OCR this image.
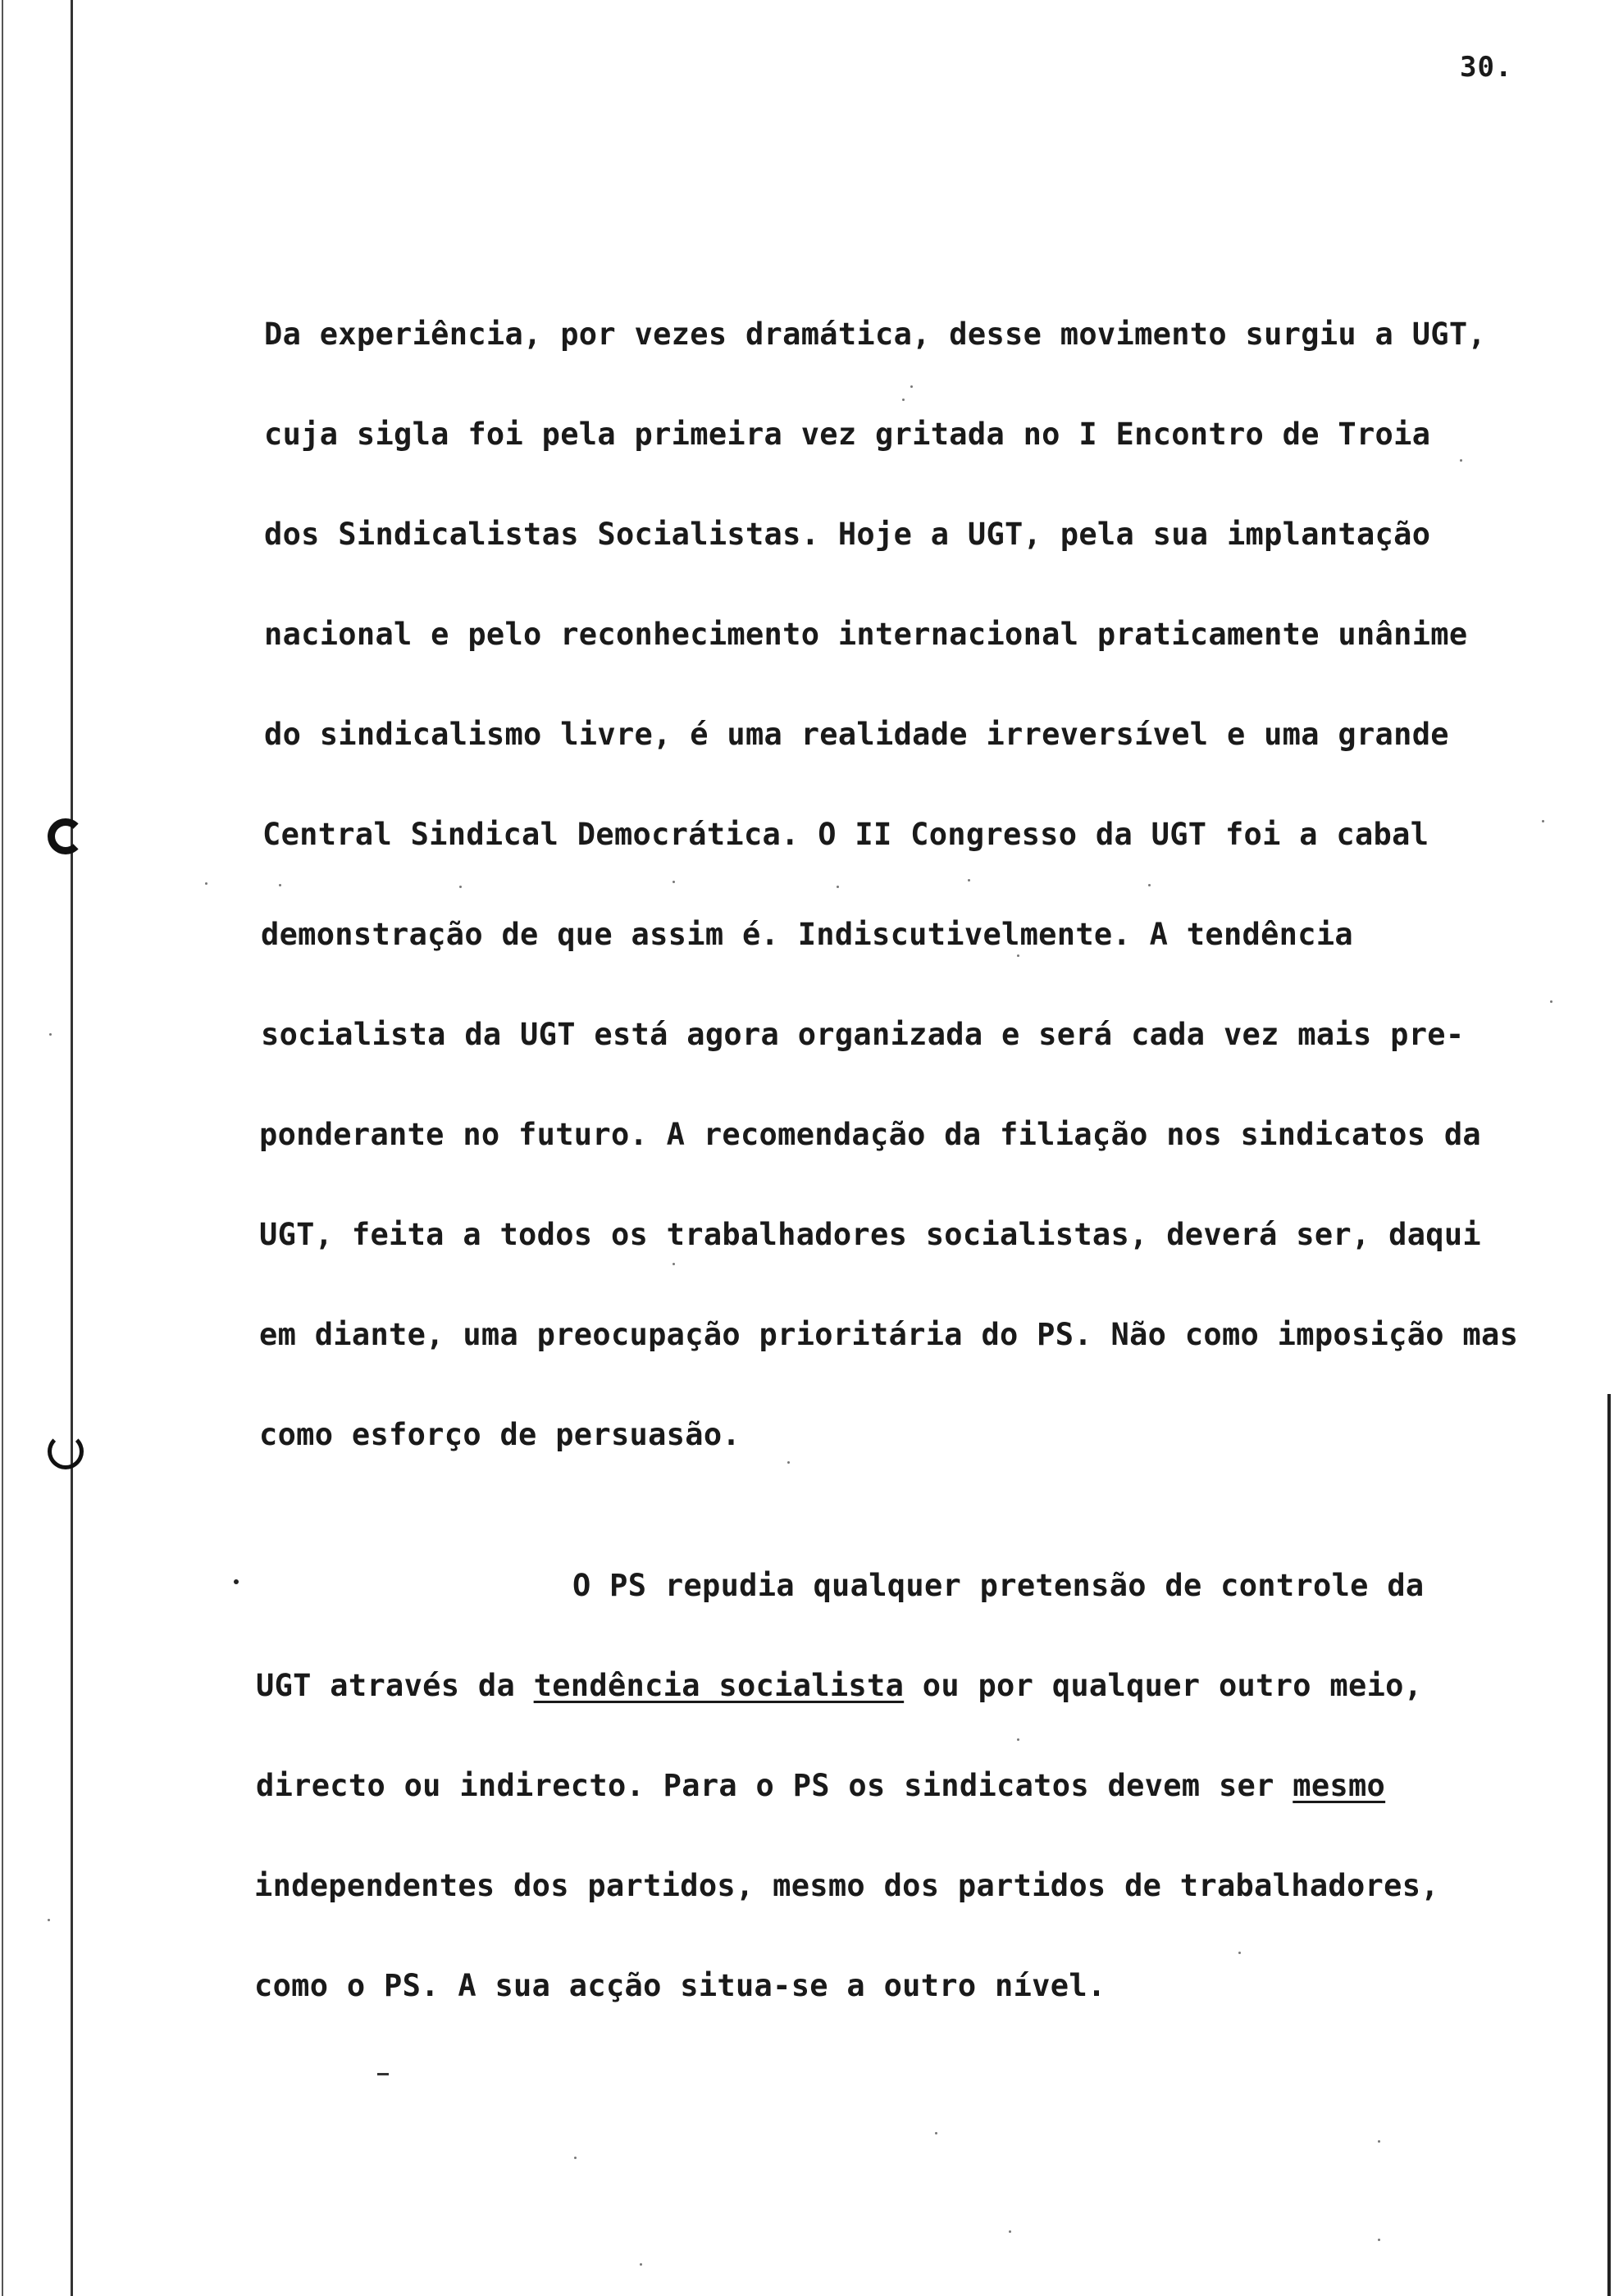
30.
Da experiência, por vezes dramática, desse movimento surgiu a UGT,
cuja sigla foi pela primeira vez gritada no I Encontro de Troia
dos Sindicalistas Socialistas. Hoje a UGT, pela sua implantação
nacional e pelo reconhecimento internacional praticamente unânime
do sindicalismo livre, é uma realidade irreversível e uma grande
Central Sindical Democrática. O II Congresso da UGT foi a cabal
demonstração de que assim é. Indiscutivelmente. A tendência
socialista da UGT está agora organizada e será cada vez mais pre-
ponderante no futuro. A recomendação da filiação nos sindicatos da
UGT, feita a todos os trabalhadores socialistas, deverá ser, daqui
em diante, uma preocupação prioritária do PS. Não como imposição mas
como esforço de persuasão.
O PS repudia qualquer pretensão de controle da
UGT através da tendência socialista ou por qualquer outro meio,
directo ou indirecto. Para o PS os sindicatos devem ser mesmo
independentes dos partidos, mesmo dos partidos de trabalhadores,
como o PS. A sua acção situa-se a outro nível.
